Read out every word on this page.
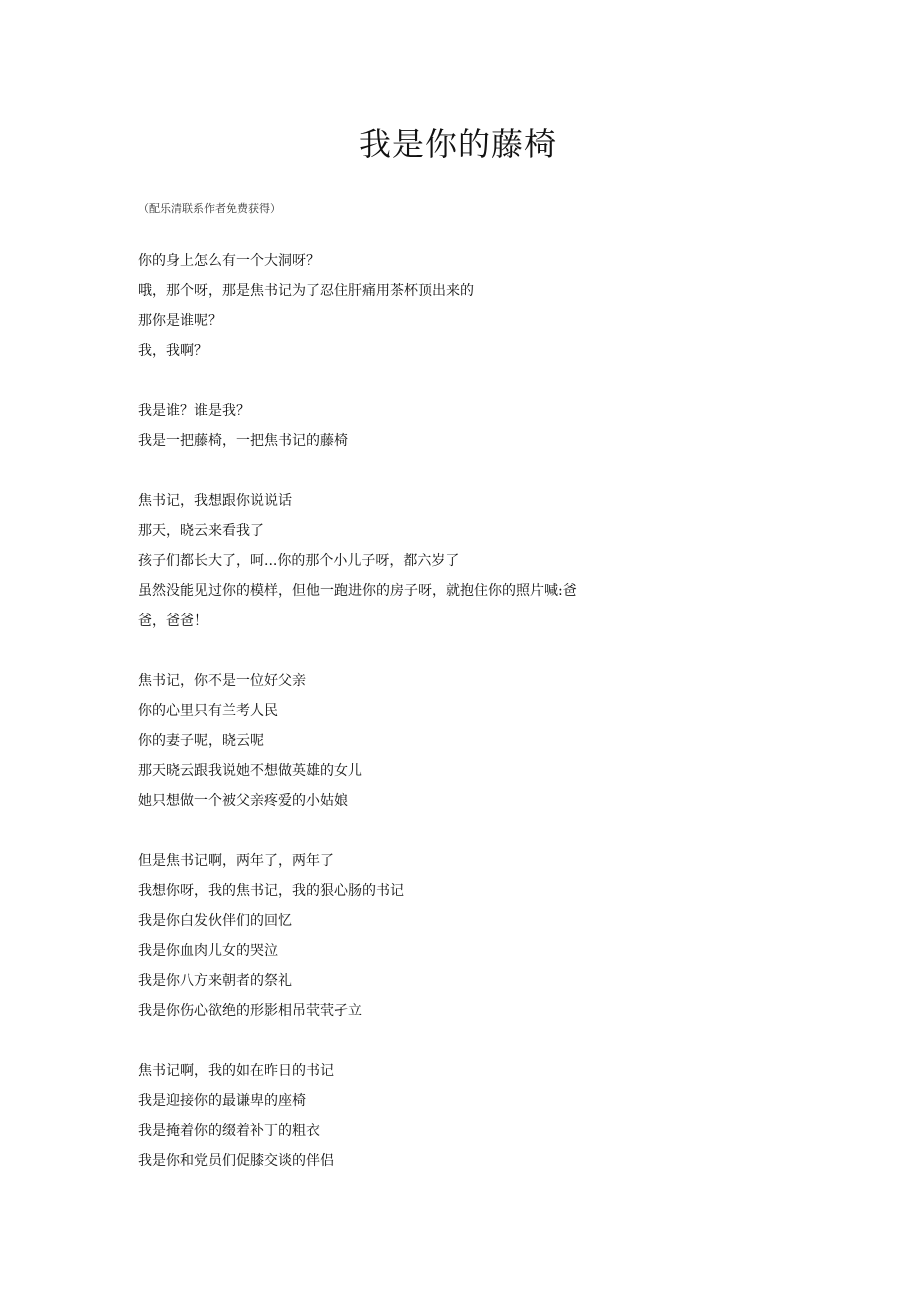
我是你的藤椅
（配乐清联系作者免费获得）
你的身上怎么有一个大洞呀？
哦，那个呀，那是焦书记为了忍住肝痛用茶杯顶出来的
那你是谁呢？
我，我啊？
我是谁？谁是我？
我是一把藤椅，一把焦书记的藤椅
焦书记，我想跟你说说话
那天，晓云来看我了
孩子们都长大了，呵...你的那个小儿子呀，都六岁了
虽然没能见过你的模样，但他一跑进你的房子呀，就抱住你的照片喊:爸
爸，爸爸！
焦书记，你不是一位好父亲
你的心里只有兰考人民
你的妻子呢，晓云呢
那天晓云跟我说她不想做英雄的女儿
她只想做一个被父亲疼爱的小姑娘
但是焦书记啊，两年了，两年了
我想你呀，我的焦书记，我的狠心肠的书记
我是你白发伙伴们的回忆
我是你血肉儿女的哭泣
我是你八方来朝者的祭礼
我是你伤心欲绝的形影相吊茕茕孑立
焦书记啊，我的如在昨日的书记
我是迎接你的最谦卑的座椅
我是掩着你的缀着补丁的粗衣
我是你和党员们促膝交谈的伴侣
